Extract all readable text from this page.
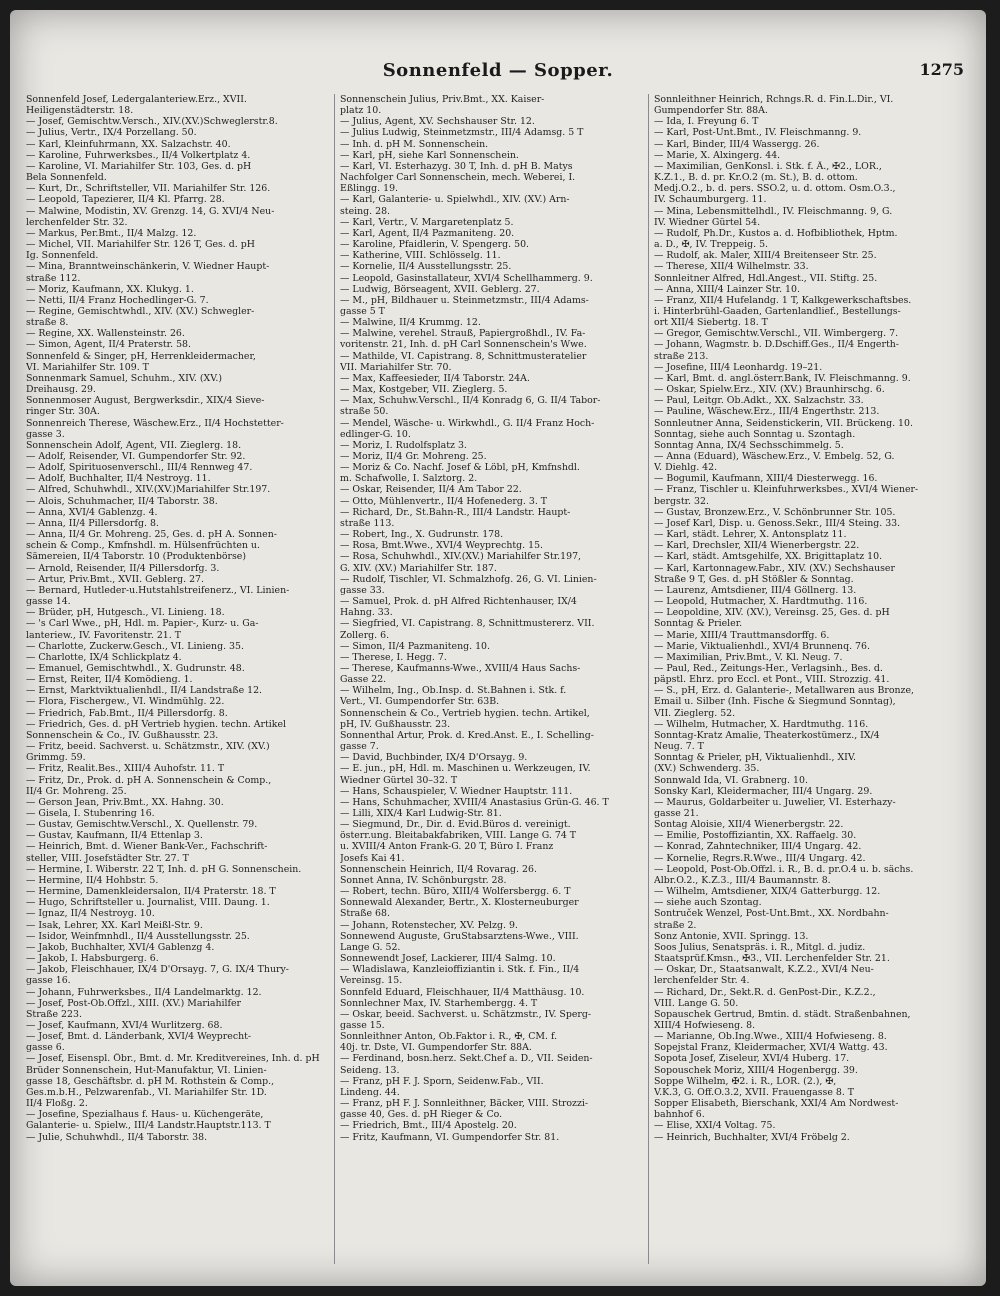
Sonnenfeld — Sopper.	1275
Sonnenfeld Josef, Ledergalanteriew.Erz., XVII.
Heiligenstädterstr. 18.
— Josef, Gemischtw.Versch., XIV.(XV.)Schweglerstr.8.
— Julius, Vertr., IX/4 Porzellang. 50.
— Karl, Kleinfuhrmann, XX. Salzachstr. 40.
— Karoline, Fuhrwerksbes., II/4 Volkertplatz 4.
— Karoline, VI. Mariahilfer Str. 103, Ges. d. pH
Bela Sonnenfeld.
— Kurt, Dr., Schriftsteller, VII. Mariahilfer Str. 126.
— Leopold, Tapezierer, II/4 Kl. Pfarrg. 28.
— Malwine, Modistin, XV. Grenzg. 14, G. XVI/4 Neu-
lerchenfelder Str. 32.
— Markus, Per.Bmt., II/4 Malzg. 12.
— Michel, VII. Mariahilfer Str. 126 T, Ges. d. pH
Ig. Sonnenfeld.
— Mina, Branntweinschänkerin, V. Wiedner Haupt-
straße 112.
— Moriz, Kaufmann, XX. Klukyg. 1.
— Netti, II/4 Franz Hochedlinger-G. 7.
— Regine, Gemischtwhdl., XIV. (XV.) Schwegler-
straße 8.
— Regine, XX. Wallensteinstr. 26.
— Simon, Agent, II/4 Praterstr. 58.
Sonnenfeld & Singer, pH, Herrenkleidermacher,
VI. Mariahilfer Str. 109. T
Sonnenmark Samuel, Schuhm., XIV. (XV.)
Dreihausg. 29.
Sonnenmoser August, Bergwerksdir., XIX/4 Sieve-
ringer Str. 30A.
Sonnenreich Therese, Wäschew.Erz., II/4 Hochstetter-
gasse 3.
Sonnenschein Adolf, Agent, VII. Zieglerg. 18.
— Adolf, Reisender, VI. Gumpendorfer Str. 92.
— Adolf, Spirituosenverschl., III/4 Rennweg 47.
— Adolf, Buchhalter, II/4 Nestroyg. 11.
— Alfred, Schuhwhdl., XIV.(XV.)Mariahilfer Str.197.
— Alois, Schuhmacher, II/4 Taborstr. 38.
— Anna, XVI/4 Gablenzg. 4.
— Anna, II/4 Pillersdorfg. 8.
— Anna, II/4 Gr. Mohreng. 25, Ges. d. pH A. Sonnen-
schein & Comp., Kmfnshdl. m. Hülsenfrüchten u.
Sämereien, II/4 Taborstr. 10 (Produktenbörse)
— Arnold, Reisender, II/4 Pillersdorfg. 3.
— Artur, Priv.Bmt., XVII. Geblerg. 27.
— Bernard, Hutleder-u.Hutstahlstreifenerz., VI. Linien-
gasse 14.
— Brüder, pH, Hutgesch., VI. Linieng. 18.
— 's Carl Wwe., pH, Hdl. m. Papier-, Kurz- u. Ga-
lanteriew., IV. Favoritenstr. 21. T
— Charlotte, Zuckerw.Gesch., VI. Linieng. 35.
— Charlotte, IX/4 Schlickplatz 4.
— Emanuel, Gemischtwhdl., X. Gudrunstr. 48.
— Ernst, Reiter, II/4 Komödieng. 1.
— Ernst, Marktviktualienhdl., II/4 Landstraße 12.
— Flora, Fischergew., VI. Windmühlg. 22.
— Friedrich, Fab.Bmt., II/4 Pillersdorfg. 8.
— Friedrich, Ges. d. pH Vertrieb hygien. techn. Artikel
Sonnenschein & Co., IV. Gußhausstr. 23.
— Fritz, beeid. Sachverst. u. Schätzmstr., XIV. (XV.)
Grimmg. 59.
— Fritz, Realit.Bes., XIII/4 Auhofstr. 11. T
— Fritz, Dr., Prok. d. pH A. Sonnenschein & Comp.,
II/4 Gr. Mohreng. 25.
— Gerson Jean, Priv.Bmt., XX. Hahng. 30.
— Gisela, I. Stubenring 16.
— Gustav, Gemischtw.Verschl., X. Quellenstr. 79.
— Gustav, Kaufmann, II/4 Ettenlap 3.
— Heinrich, Bmt. d. Wiener Bank-Ver., Fachschrift-
steller, VIII. Josefstädter Str. 27. T
— Hermine, I. Wiberstr. 22 T, Inh. d. pH G. Sonnenschein.
— Hermine, II/4 Hohbstr. 5.
— Hermine, Damenkleidersalon, II/4 Praterstr. 18. T
— Hugo, Schriftsteller u. Journalist, VIII. Daung. 1.
— Ignaz, II/4 Nestroyg. 10.
— Isak, Lehrer, XX. Karl Meißl-Str. 9.
— Isidor, Weinfmnhdl., II/4 Ausstellungsstr. 25.
— Jakob, Buchhalter, XVI/4 Gablenzg 4.
— Jakob, I. Habsburgerg. 6.
— Jakob, Fleischhauer, IX/4 D'Orsayg. 7, G. IX/4 Thury-
gasse 16.
— Johann, Fuhrwerksbes., II/4 Landelmarktg. 12.
— Josef, Post-Ob.Offzl., XIII. (XV.) Mariahilfer
Straße 223.
— Josef, Kaufmann, XVI/4 Wurlitzerg. 68.
— Josef, Bmt. d. Länderbank, XVI/4 Weyprecht-
gasse 6.
— Josef, Eisenspl. Öbr., Bmt. d. Mr. Kreditvereines, Inh. d. pH
Brüder Sonnenschein, Hut-Manufaktur, VI. Linien-
gasse 18, Geschäftsbr. d. pH M. Rothstein & Comp.,
Ges.m.b.H., Pelzwarenfab., VI. Mariahilfer Str. 1D.
II/4 Floßg. 2.
— Josefine, Spezialhaus f. Haus- u. Küchengeräte,
Galanterie- u. Spielw., III/4 Landstr.Hauptstr.113. T
— Julie, Schuhwhdl., II/4 Taborstr. 38.
Sonnenschein Julius, Priv.Bmt., XX. Kaiser-
platz 10.
— Julius, Agent, XV. Sechshauser Str. 12.
— Julius Ludwig, Steinmetzmstr., III/4 Adamsg. 5 T
— Inh. d. pH M. Sonnenschein.
— Karl, pH, siehe Karl Sonnenschein.
— Karl, VI. Esterhazyg. 30 T, Inh. d. pH B. Matys
Nachfolger Carl Sonnenschein, mech. Weberei, I.
Eßlingg. 19.
— Karl, Galanterie- u. Spielwhdl., XIV. (XV.) Arn-
steing. 28.
— Karl, Vertr., V. Margaretenplatz 5.
— Karl, Agent, II/4 Pazmaniteng. 20.
— Karoline, Pfaidlerin, V. Spengerg. 50.
— Katherine, VIII. Schlösselg. 11.
— Kornelie, II/4 Ausstellungsstr. 25.
— Leopold, Gasinstallateur, XVI/4 Schellhammerg. 9.
— Ludwig, Börseagent, XVII. Geblerg. 27.
— M., pH, Bildhauer u. Steinmetzmstr., III/4 Adams-
gasse 5 T
— Malwine, II/4 Krummg. 12.
— Malwine, verehel. Strauß, Papiergroßhdl., IV. Fa-
voritenstr. 21, Inh. d. pH Carl Sonnenschein's Wwe.
— Mathilde, VI. Capistrang. 8, Schnittmusteratelier
VII. Mariahilfer Str. 70.
— Max, Kaffeesieder, II/4 Taborstr. 24A.
— Max, Kostgeber, VII. Zieglerg. 5.
— Max, Schuhw.Verschl., II/4 Konradg 6, G. II/4 Tabor-
straße 50.
— Mendel, Wäsche- u. Wirkwhdl., G. II/4 Franz Hoch-
edlinger-G. 10.
— Moriz, I. Rudolfsplatz 3.
— Moriz, II/4 Gr. Mohreng. 25.
— Moriz & Co. Nachf. Josef & Löbl, pH, Kmfnshdl.
m. Schafwolle, I. Salztorg. 2.
— Oskar, Reisender, II/4 Am Tabor 22.
— Otto, Mühlenvertr., II/4 Hofenederg. 3. T
— Richard, Dr., St.Bahn-R., III/4 Landstr. Haupt-
straße 113.
— Robert, Ing., X. Gudrunstr. 178.
— Rosa, Bmt.Wwe., XVI/4 Weyprechtg. 15.
— Rosa, Schuhwhdl., XIV.(XV.) Mariahilfer Str.197,
G. XIV. (XV.) Mariahilfer Str. 187.
— Rudolf, Tischler, VI. Schmalzhofg. 26, G. VI. Linien-
gasse 33.
— Samuel, Prok. d. pH Alfred Richtenhauser, IX/4
Hahng. 33.
— Siegfried, VI. Capistrang. 8, Schnittmustererz. VII.
Zollerg. 6.
— Simon, II/4 Pazmaniteng. 10.
— Therese, I. Hegg. 7.
— Therese, Kaufmanns-Wwe., XVIII/4 Haus Sachs-
Gasse 22.
— Wilhelm, Ing., Ob.Insp. d. St.Bahnen i. Stk. f.
Vert., VI. Gumpendorfer Str. 63B.
Sonnenschein & Co., Vertrieb hygien. techn. Artikel,
pH, IV. Gußhausstr. 23.
Sonnenthal Artur, Prok. d. Kred.Anst. E., I. Schelling-
gasse 7.
— David, Buchbinder, IX/4 D'Orsayg. 9.
— E. jun., pH, Hdl. m. Maschinen u. Werkzeugen, IV.
Wiedner Gürtel 30–32. T
— Hans, Schauspieler, V. Wiedner Hauptstr. 111.
— Hans, Schuhmacher, XVIII/4 Anastasius Grün-G. 46. T
— Lilli, XIX/4 Karl Ludwig-Str. 81.
— Siegmund, Dr., Dir. d. Evid.Büros d. vereinigt.
österr.ung. Bleitabakfabriken, VIII. Lange G. 74 T
u. XVIII/4 Anton Frank-G. 20 T, Büro I. Franz
Josefs Kai 41.
Sonnenschein Heinrich, II/4 Rovarag. 26.
Sonnet Anna, IV. Schönburgstr. 28.
— Robert, techn. Büro, XIII/4 Wolfersbergg. 6. T
Sonnewald Alexander, Bertr., X. Klosterneuburger
Straße 68.
— Johann, Rotenstecher, XV. Pelzg. 9.
Sonnewend Auguste, GruStabsarztens-Wwe., VIII.
Lange G. 52.
Sonnewendt Josef, Lackierer, III/4 Salmg. 10.
— Wladislawa, Kanzleioffiziantin i. Stk. f. Fin., II/4
Vereinsg. 15.
Sonnfeld Eduard, Fleischhauer, II/4 Matthäusg. 10.
Sonnlechner Max, IV. Starhembergg. 4. T
— Oskar, beeid. Sachverst. u. Schätzmstr., IV. Sperg-
gasse 15.
Sonnleithner Anton, Ob.Faktor i. R., ✠, CM. f.
40j. tr. Dste, VI. Gumpendorfer Str. 88A.
— Ferdinand, bosn.herz. Sekt.Chef a. D., VII. Seiden-
Seideng. 13.
— Franz, pH F. J. Sporn, Seidenw.Fab., VII.
Lindeng. 44.
— Franz, pH F. J. Sonnleithner, Bäcker, VIII. Strozzi-
gasse 40, Ges. d. pH Rieger & Co.
— Friedrich, Bmt., III/4 Apostelg. 20.
— Fritz, Kaufmann, VI. Gumpendorfer Str. 81.
Sonnleithner Heinrich, Rchngs.R. d. Fin.L.Dir., VI.
Gumpendorfer Str. 88A.
— Ida, I. Freyung 6. T
— Karl, Post-Unt.Bmt., IV. Fleischmanng. 9.
— Karl, Binder, III/4 Wassergg. 26.
— Marie, X. Alxingerg. 44.
— Maximilian, GenKonsl. i. Stk. f. Ä., ✠2., LOR.,
K.Z.1., B. d. pr. Kr.O.2 (m. St.), B. d. ottom.
Medj.O.2., b. d. pers. SSO.2, u. d. ottom. Osm.O.3.,
IV. Schaumburgerg. 11.
— Mina, Lebensmittelhdl., IV. Fleischmanng. 9, G.
IV. Wiedner Gürtel 54.
— Rudolf, Ph.Dr., Kustos a. d. Hofbibliothek, Hptm.
a. D., ✠, IV. Treppeig. 5.
— Rudolf, ak. Maler, XIII/4 Breitenseer Str. 25.
— Therese, XII/4 Wilhelmstr. 33.
Sonnleitner Alfred, Hdl.Angest., VII. Stiftg. 25.
— Anna, XIII/4 Lainzer Str. 10.
— Franz, XII/4 Hufelandg. 1 T, Kalkgewerkschaftsbes.
i. Hinterbrühl-Gaaden, Gartenlandlief., Bestellungs-
ort XII/4 Siebertg. 18. T
— Gregor, Gemischtw.Verschl., VII. Wimbergerg. 7.
— Johann, Wagmstr. b. D.Dschiff.Ges., II/4 Engerth-
straße 213.
— Josefine, III/4 Leonhardg. 19–21.
— Karl, Bmt. d. angl.österr.Bank, IV. Fleischmanng. 9.
— Oskar, Spielw.Erz., XIV. (XV.) Braunhirschg. 6.
— Paul, Leitgr. Ob.Adkt., XX. Salzachstr. 33.
— Pauline, Wäschew.Erz., III/4 Engerthstr. 213.
Sonnleutner Anna, Seidenstickerin, VII. Brückeng. 10.
Sonntag, siehe auch Sonntag u. Szontagh.
Sonntag Anna, IX/4 Sechsschimmelg. 5.
— Anna (Eduard), Wäschew.Erz., V. Embelg. 52, G.
V. Diehlg. 42.
— Bogumil, Kaufmann, XIII/4 Diesterwegg. 16.
— Franz, Tischler u. Kleinfuhrwerksbes., XVI/4 Wiener-
bergstr. 32.
— Gustav, Bronzew.Erz., V. Schönbrunner Str. 105.
— Josef Karl, Disp. u. Genoss.Sekr., III/4 Steing. 33.
— Karl, städt. Lehrer, X. Antonsplatz 11.
— Karl, Drechsler, XII/4 Wienerbergstr. 22.
— Karl, städt. Amtsgehilfe, XX. Brigittaplatz 10.
— Karl, Kartonnagew.Fabr., XIV. (XV.) Sechshauser
Straße 9 T, Ges. d. pH Stößler & Sonntag.
— Laurenz, Amtsdiener, III/4 Göllnerg. 13.
— Leopold, Hutmacher, X. Hardtmuthg. 116.
— Leopoldine, XIV. (XV.), Vereinsg. 25, Ges. d. pH
Sonntag & Prieler.
— Marie, XIII/4 Trauttmansdorffg. 6.
— Marie, Viktualienhdl., XVI/4 Brunnenq. 76.
— Maximilian, Priv.Bmt., V. Kl. Neug. 7.
— Paul, Red., Zeitungs-Her., Verlagsinh., Bes. d.
päpstl. Ehrz. pro Eccl. et Pont., VIII. Strozzig. 41.
— S., pH, Erz. d. Galanterie-, Metallwaren aus Bronze,
Email u. Silber (Inh. Fische & Siegmund Sonntag),
VII. Zieglerg. 52.
— Wilhelm, Hutmacher, X. Hardtmuthg. 116.
Sonntag-Kratz Amalie, Theaterkostümerz., IX/4
Neug. 7. T
Sonntag & Prieler, pH, Viktualienhdl., XIV.
(XV.) Schwenderg. 35.
Sonnwald Ida, VI. Grabnerg. 10.
Sonsky Karl, Kleidermacher, III/4 Ungarg. 29.
— Maurus, Goldarbeiter u. Juwelier, VI. Esterhazy-
gasse 21.
Sontag Aloisie, XII/4 Wienerbergstr. 22.
— Emilie, Postoffiziantin, XX. Raffaelg. 30.
— Konrad, Zahntechniker, III/4 Ungarg. 42.
— Kornelie, Regrs.R.Wwe., III/4 Ungarg. 42.
— Leopold, Post-Ob.Offzl. i. R., B. d. pr.O.4 u. b. sächs.
Albr.O.2., K.Z.3., III/4 Baumannstr. 8.
— Wilhelm, Amtsdiener, XIX/4 Gatterburgg. 12.
— siehe auch Szontag.
Sontruček Wenzel, Post-Unt.Bmt., XX. Nordbahn-
straße 2.
Sonz Antonie, XVII. Springg. 13.
Soos Julius, Senatspräs. i. R., Mitgl. d. judiz.
Staatsprüf.Kmsn., ✠3., VII. Lerchenfelder Str. 21.
— Oskar, Dr., Staatsanwalt, K.Z.2., XVI/4 Neu-
lerchenfelder Str. 4.
— Richard, Dr., Sekt.R. d. GenPost-Dir., K.Z.2.,
VIII. Lange G. 50.
Sopauschek Gertrud, Bmtin. d. städt. Straßenbahnen,
XIII/4 Hofwieseng. 8.
— Marianne, Ob.Ing.Wwe., XIII/4 Hofwieseng. 8.
Sopejstal Franz, Kleidermacher, XVI/4 Wattg. 43.
Sopota Josef, Ziseleur, XVI/4 Huberg. 17.
Sopouschek Moriz, XIII/4 Hogenbergg. 39.
Soppe Wilhelm, ✠2. i. R., LOR. (2.), ✠,
V.K.3, G. Off.O.3.2, XVII. Frauengasse 8. T
Sopper Elisabeth, Bierschank, XXI/4 Am Nordwest-
bahnhof 6.
— Elise, XXI/4 Voltag. 75.
— Heinrich, Buchhalter, XVI/4 Fröbelg 2.
